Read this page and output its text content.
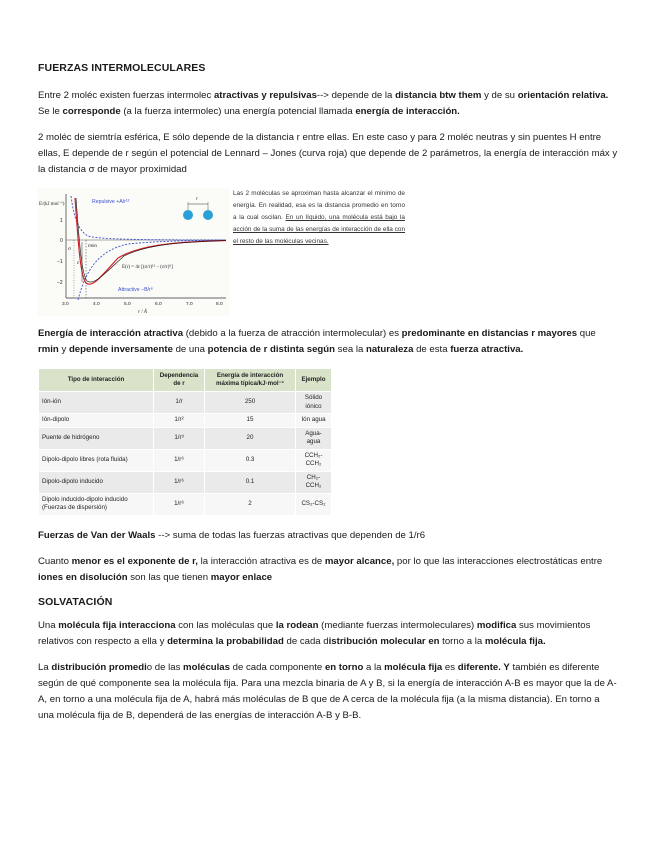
FUERZAS INTERMOLECULARES

Entre 2 moléc existen fuerzas intermolec atractivas y repulsivas--> depende de la distancia btw them y de su orientación relativa. Se le corresponde (a la fuerza intermolec) una energía potencial llamada energía de interacción.

2 moléc de siemtría esférica, E sólo depende de la distancia r entre ellas. En este caso y para 2 moléc neutras y sin puentes H entre ellas, E depende de r según el potencial de Lennard – Jones (curva roja) que depende de 2 parámetros, la energía de interacción máx y la distancia σ de mayor proximidad

E/(kJ mol⁻¹)	Repulsive +A/r¹²
Attractive −B/r⁶
rmin
σ
ε
E(r) = 4ε [(σ/r)¹² − (σ/r)⁶]
r
1
0
−1
−2
3.0	4.0	5.0	6.0	7.0	8.0
r / Å
Las 2 moléculas se aproximan hasta alcanzar el mínimo de energía. En realidad, esa es la distancia promedio en torno a la cual oscilan. En un líquido, una molécula está bajo la acción de la suma de las energías de interacción de ella con el resto de las moléculas vecinas.

Energía de interacción atractiva (debido a la fuerza de atracción intermolecular) es predominante en distancias r mayores que rmin y depende inversamente de una potencia de r distinta según sea la naturaleza de esta fuerza atractiva.

Tipo de interacción	Dependencia de r	Energía de interacción máxima típica/kJ·mol⁻¹	Ejemplo
Ión-ión	1/r	250	Sólido iónico
Ión-dipolo	1/r²	15	Ión agua
Puente de hidrógeno	1/r³	20	Agua-agua
Dipolo-dipolo libres (rota fluida)	1/r⁶	0.3	CCH₂-CCH₂
Dipolo-dipolo inducido	1/r⁶	0.1	CH₂-CCH₂
Dipolo inducido-dipolo inducido (Fuerzas de dispersión)	1/r⁶	2	CS₂-CS₂

Fuerzas de Van der Waals --> suma de todas las fuerzas atractivas que dependen de 1/r6

Cuanto menor es el exponente de r, la interacción atractiva es de mayor alcance, por lo que las interacciones electrostáticas entre iones en disolución son las que tienen mayor enlace

SOLVATACIÓN

Una molécula fija interacciona con las moléculas que la rodean (mediante fuerzas intermoleculares) modifica sus movimientos relativos con respecto a ella y determina la probabilidad de cada distribución molecular en torno a la molécula fija.

La distribución promedio de las moléculas de cada componente en torno a la molécula fija es diferente. Y también es diferente según de qué componente sea la molécula fija. Para una mezcla binaria de A y B, si la energía de interacción A-B es mayor que la de A-A, en torno a una molécula fija de A, habrá más moléculas de B que de A cerca de la molécula fija (a la misma distancia). En torno a una molécula fija de B, dependerá de las energías de interacción A-B y B-B.
